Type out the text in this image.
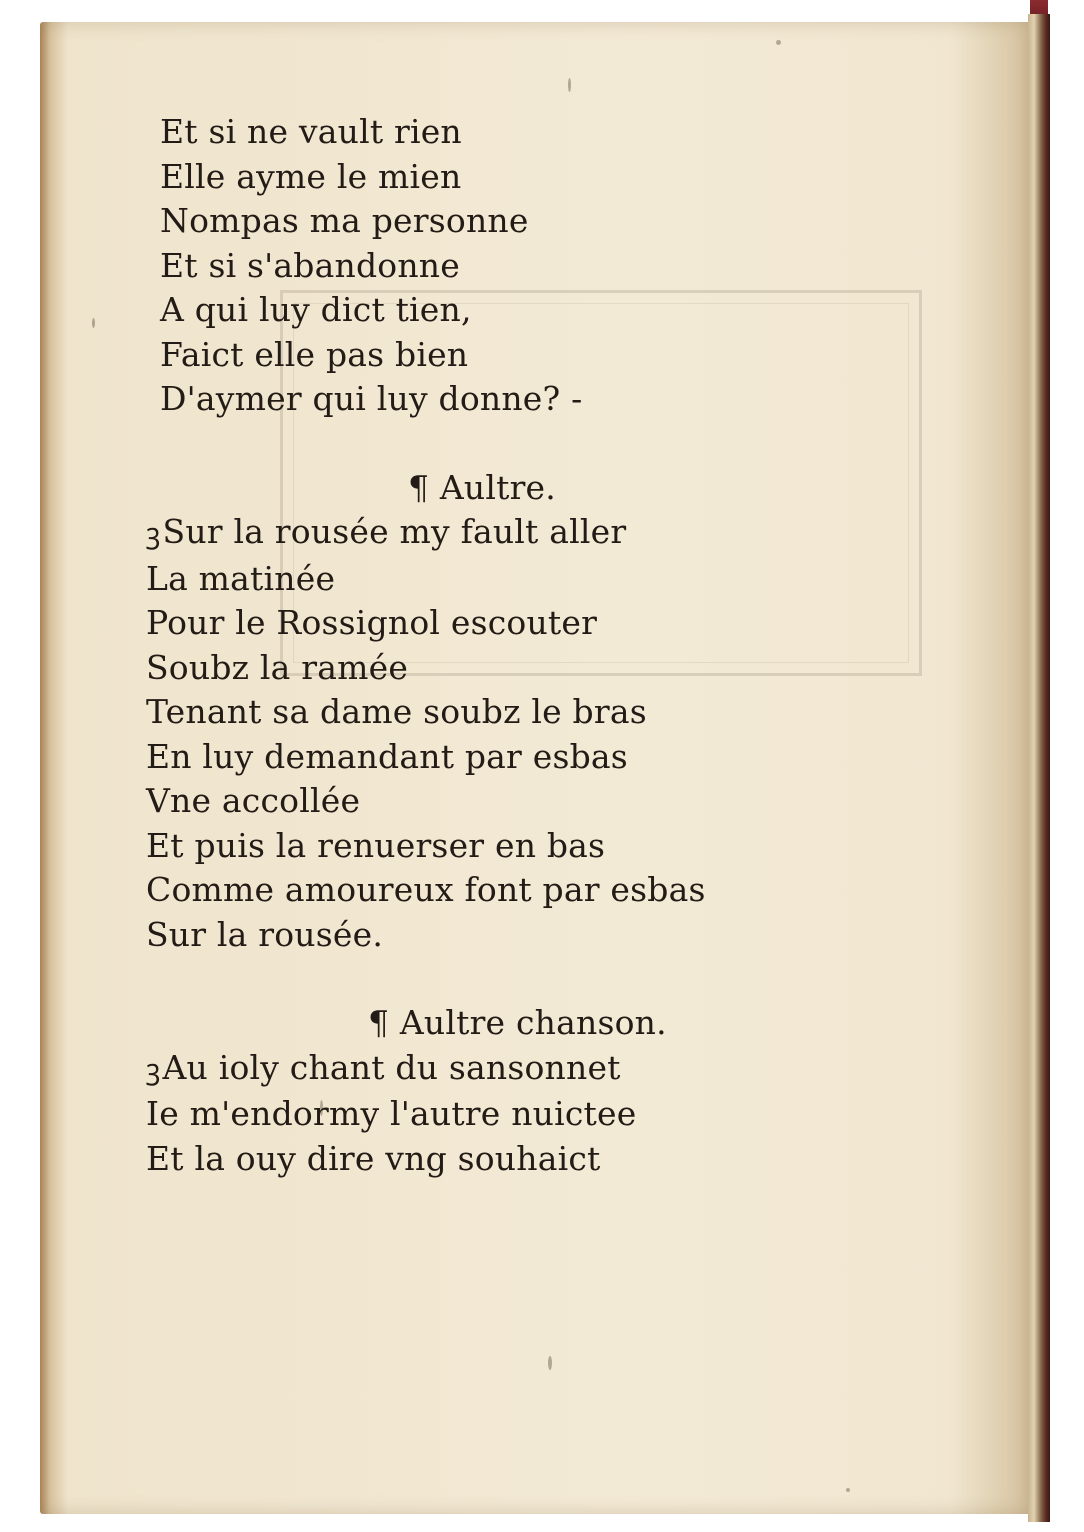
Et si ne vault rien
Elle ayme le mien
Nompas ma personne
Et si s'abandonne
A qui luy dict tien,
Faict elle pas bien
D'aymer qui luy donne? -
¶ Aultre.
ꝫSur la rousée my fault aller
La matinée
Pour le Rossignol escouter
Soubz la ramée
Tenant sa dame soubz le bras
En luy demandant par esbas
Vne accollée
Et puis la renuerser en bas
Comme amoureux font par esbas
Sur la rousée.
¶ Aultre chanson.
ꝫAu ioly chant du sansonnet
Ie m'endormy l'autre nuictee
Et la ouy dire vng souhaict
